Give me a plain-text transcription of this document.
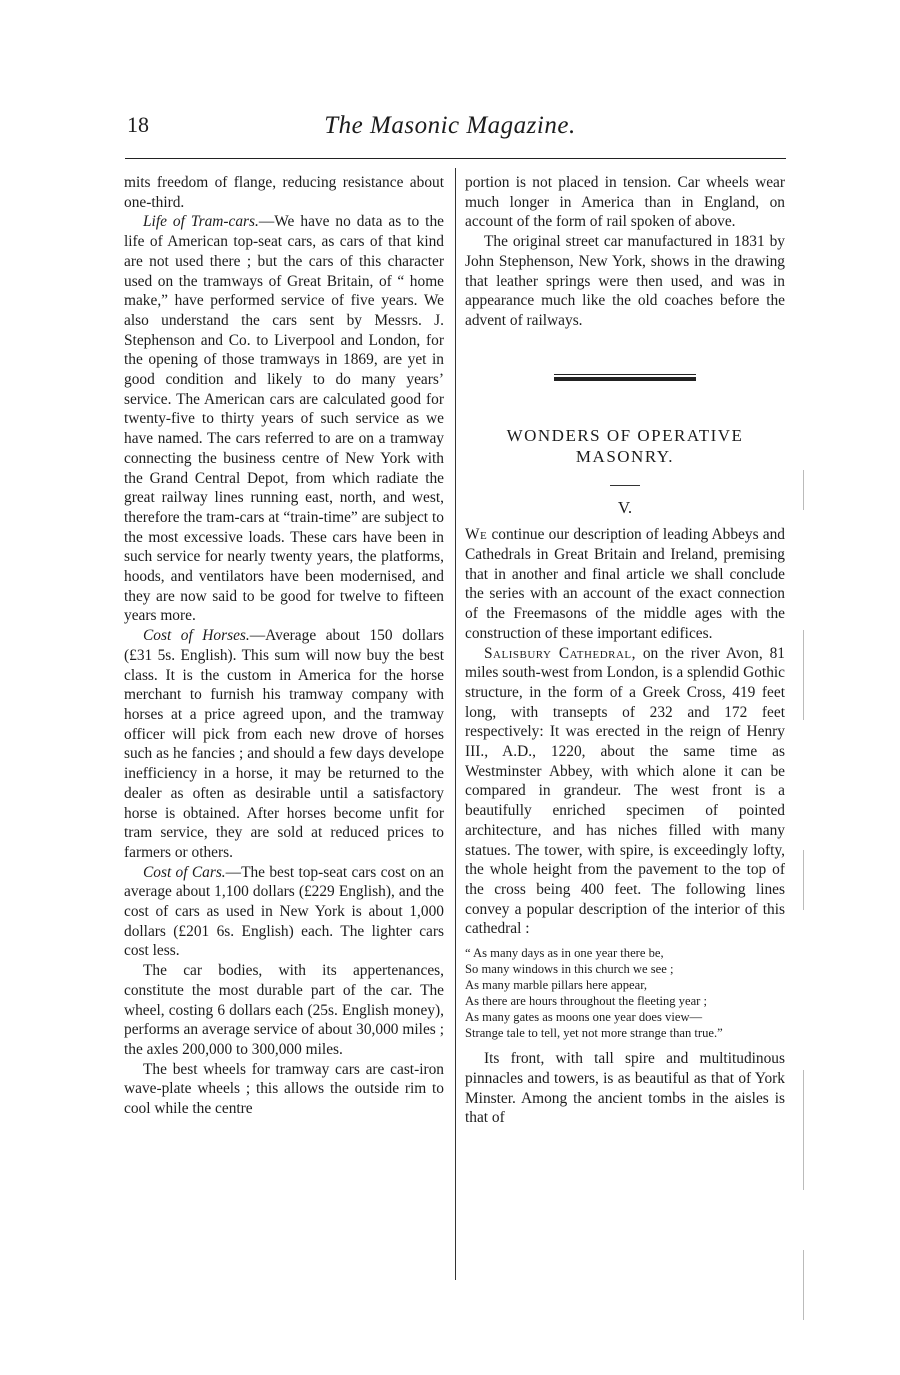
18	The Masonic Magazine.

mits freedom of flange, reducing resistance about one-third.

Life of Tram-cars.—We have no data as to the life of American top-seat cars, as cars of that kind are not used there ; but the cars of this character used on the tramways of Great Britain, of “ home make,” have performed service of five years. We also understand the cars sent by Messrs. J. Stephenson and Co. to Liverpool and London, for the opening of those tramways in 1869, are yet in good condition and likely to do many years’ service. The American cars are calculated good for twenty-five to thirty years of such service as we have named. The cars referred to are on a tramway connecting the business centre of New York with the Grand Central Depot, from which radiate the great railway lines running east, north, and west, therefore the tram-cars at “train-time” are subject to the most excessive loads. These cars have been in such service for nearly twenty years, the platforms, hoods, and ventilators have been modernised, and they are now said to be good for twelve to fifteen years more.

Cost of Horses.—Average about 150 dollars (£31 5s. English). This sum will now buy the best class. It is the custom in America for the horse merchant to furnish his tramway company with horses at a price agreed upon, and the tramway officer will pick from each new drove of horses such as he fancies ; and should a few days develope inefficiency in a horse, it may be returned to the dealer as often as desirable until a satisfactory horse is obtained. After horses become unfit for tram service, they are sold at reduced prices to farmers or others.

Cost of Cars.—The best top-seat cars cost on an average about 1,100 dollars (£229 English), and the cost of cars as used in New York is about 1,000 dollars (£201 6s. English) each. The lighter cars cost less.

The car bodies, with its appertenances, constitute the most durable part of the car. The wheel, costing 6 dollars each (25s. English money), performs an average service of about 30,000 miles ; the axles 200,000 to 300,000 miles.

The best wheels for tramway cars are cast-iron wave-plate wheels ; this allows the outside rim to cool while the centre

portion is not placed in tension. Car wheels wear much longer in America than in England, on account of the form of rail spoken of above.

The original street car manufactured in 1831 by John Stephenson, New York, shows in the drawing that leather springs were then used, and was in appearance much like the old coaches before the advent of railways.

WONDERS OF OPERATIVE
MASONRY.
V.

We continue our description of leading Abbeys and Cathedrals in Great Britain and Ireland, premising that in another and final article we shall conclude the series with an account of the exact connection of the Freemasons of the middle ages with the construction of these important edifices.

Salisbury Cathedral, on the river Avon, 81 miles south-west from London, is a splendid Gothic structure, in the form of a Greek Cross, 419 feet long, with transepts of 232 and 172 feet respectively: It was erected in the reign of Henry III., A.D., 1220, about the same time as Westminster Abbey, with which alone it can be compared in grandeur. The west front is a beautifully enriched specimen of pointed architecture, and has niches filled with many statues. The tower, with spire, is exceedingly lofty, the whole height from the pavement to the top of the cross being 400 feet. The following lines convey a popular description of the interior of this cathedral :

“ As many days as in one year there be,
So many windows in this church we see ;
As many marble pillars here appear,
As there are hours throughout the fleeting year ;
As many gates as moons one year does view—
Strange tale to tell, yet not more strange than true.”

Its front, with tall spire and multitudinous pinnacles and towers, is as beautiful as that of York Minster. Among the ancient tombs in the aisles is that of
